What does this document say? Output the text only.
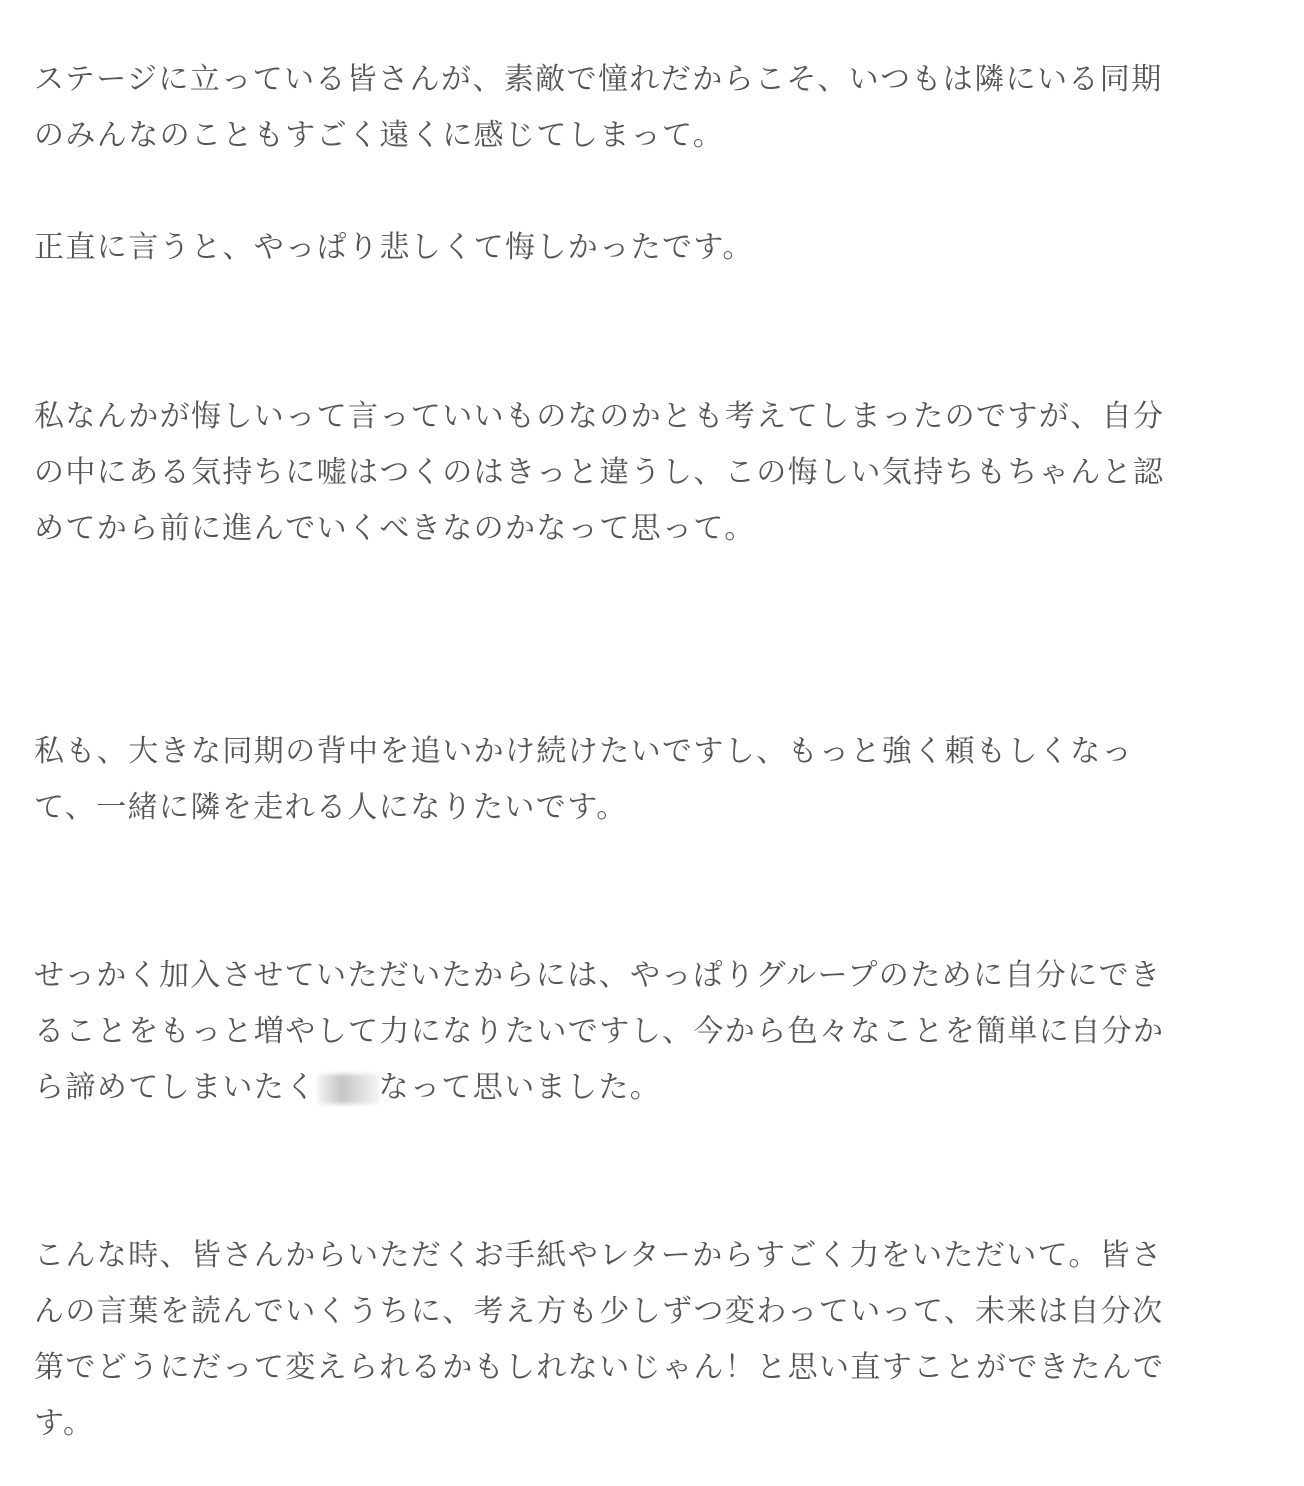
ステージに立っている皆さんが、素敵で憧れだからこそ、いつもは隣にいる同期
のみんなのこともすごく遠くに感じてしまって。

正直に言うと、やっぱり悲しくて悔しかったです。

私なんかが悔しいって言っていいものなのかとも考えてしまったのですが、自分
の中にある気持ちに嘘はつくのはきっと違うし、この悔しい気持ちもちゃんと認
めてから前に進んでいくべきなのかなって思って。

私も、大きな同期の背中を追いかけ続けたいですし、もっと強く頼もしくなっ
て、一緒に隣を走れる人になりたいです。

せっかく加入させていただいたからには、やっぱりグループのために自分にでき
ることをもっと増やして力になりたいですし、今から色々なことを簡単に自分か
ら諦めてしまいたく なって思いました。

こんな時、皆さんからいただくお手紙やレターからすごく力をいただいて。皆さ
んの言葉を読んでいくうちに、考え方も少しずつ変わっていって、未来は自分次
第でどうにだって変えられるかもしれないじゃん！と思い直すことができたんで
す。
